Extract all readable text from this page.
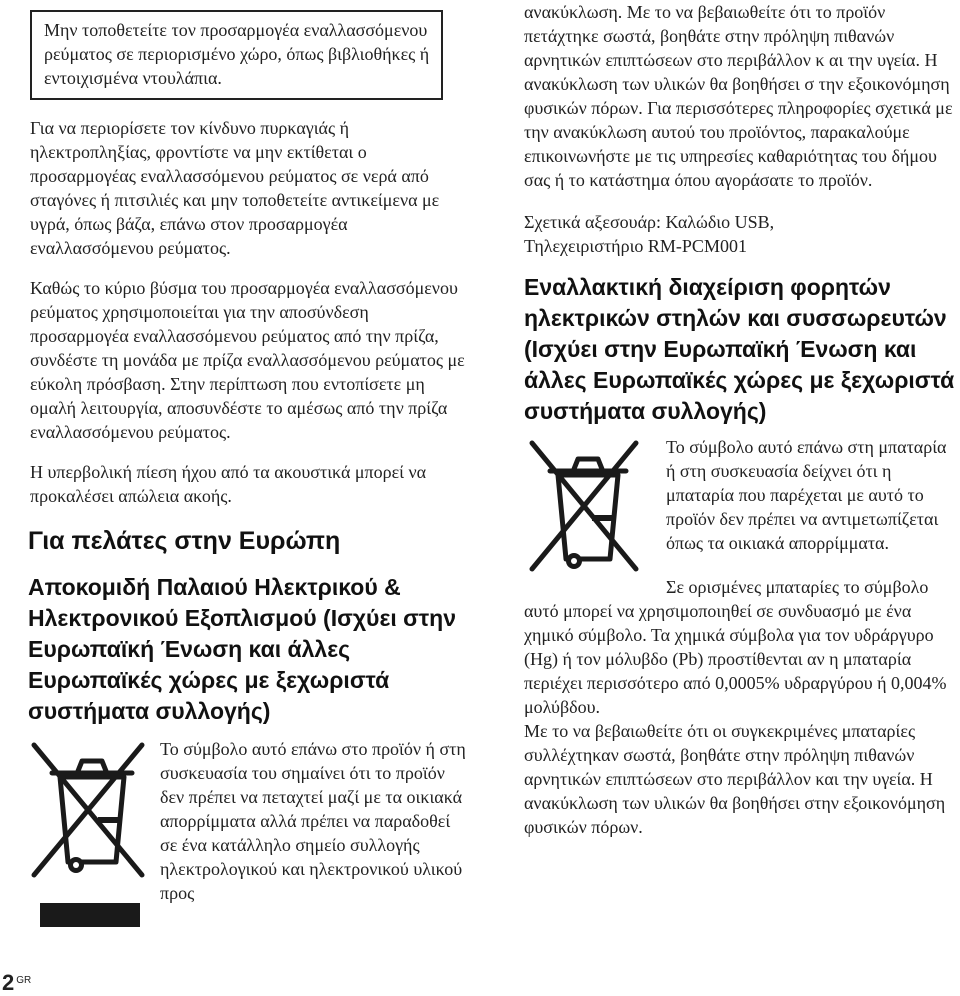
Μην τοποθετείτε τον προσαρμογέα εναλλασσόμενου ρεύματος σε περιορισμένο χώρο, όπως βιβλιοθήκες ή εντοιχισμένα ντουλάπια.

Για να περιορίσετε τον κίνδυνο πυρκαγιάς ή ηλεκτροπληξίας, φροντίστε να μην εκτίθεται ο προσαρμογέας εναλλασσόμενου ρεύματος σε νερά από σταγόνες ή πιτσιλιές και μην τοποθετείτε αντικείμενα με υγρά, όπως βάζα, επάνω στον προσαρμογέα εναλλασσόμενου ρεύματος.

Καθώς το κύριο βύσμα του προσαρμογέα εναλλασσόμενου ρεύματος χρησιμοποιείται για την αποσύνδεση προσαρμογέα εναλλασσόμενου ρεύματος από την πρίζα, συνδέστε τη μονάδα με πρίζα εναλλασσόμενου ρεύματος με εύκολη πρόσβαση. Στην περίπτωση που εντοπίσετε μη ομαλή λειτουργία, αποσυνδέστε το αμέσως από την πρίζα εναλλασσόμενου ρεύματος.

Η υπερβολική πίεση ήχου από τα ακουστικά μπορεί να προκαλέσει απώλεια ακοής.

Για πελάτες στην Ευρώπη
Αποκομιδή Παλαιού Ηλεκτρικού & Ηλεκτρονικού Εξοπλισμού (Ισχύει στην Ευρωπαϊκή Ένωση και άλλες Ευρωπαϊκές χώρες με ξεχωριστά συστήματα συλλογής)

Το σύμβολο αυτό επάνω στο προϊόν ή στη συσκευασία του σημαίνει ότι το προϊόν δεν πρέπει να πεταχτεί μαζί με τα οικιακά απορρίμματα αλλά πρέπει να παραδοθεί σε ένα κατάλληλο σημείο συλλογής ηλεκτρολογικού και ηλεκτρονικού υλικού προς

ανακύκλωση. Με το να βεβαιωθείτε ότι το προϊόν πετάχτηκε σωστά, βοηθάτε στην πρόληψη πιθανών αρνητικών επιπτώσεων στο περιβάλλον κ αι την υγεία. Η ανακύκλωση των υλικών θα βοηθήσει σ την εξοικονόμηση φυσικών πόρων. Για περισσότερες πληροφορίες σχετικά με την ανακύκλωση αυτού του προϊόντος, παρακαλούμε επικοινωνήστε με τις υπηρεσίες καθαριότητας του δήμου σας ή το κατάστημα όπου αγοράσατε το προϊόν.

Σχετικά αξεσουάρ: Καλώδιο USB,

Τηλεχειριστήριο RM-PCM001

Εναλλακτική διαχείριση φορητών ηλεκτρικών στηλών και συσσωρευτών (Ισχύει στην Ευρωπαϊκή Ένωση και άλλες Ευρωπαϊκές χώρες με ξεχωριστά συστήματα συλλογής)

Το σύμβολο αυτό επάνω στη μπαταρία ή στη συσκευασία δείχνει ότι η μπαταρία που παρέχεται με αυτό το προϊόν δεν πρέπει να αντιμετωπίζεται όπως τα οικιακά απορρίμματα.

Σε ορισμένες μπαταρίες το σύμβολο αυτό μπορεί να χρησιμοποιηθεί σε συνδυασμό με ένα χημικό σύμβολο. Τα χημικά σύμβολα για τον υδράργυρο (Hg) ή τον μόλυβδο (Pb) προστίθενται αν η μπαταρία περιέχει περισσότερο από 0,0005% υδραργύρου ή 0,004% μολύβδου.

Με το να βεβαιωθείτε ότι οι συγκεκριμένες μπαταρίες συλλέχτηκαν σωστά, βοηθάτε στην πρόληψη πιθανών αρνητικών επιπτώσεων στο περιβάλλον και την υγεία. Η ανακύκλωση των υλικών θα βοηθήσει στην εξοικονόμηση φυσικών πόρων.

2 $^{GR}$
